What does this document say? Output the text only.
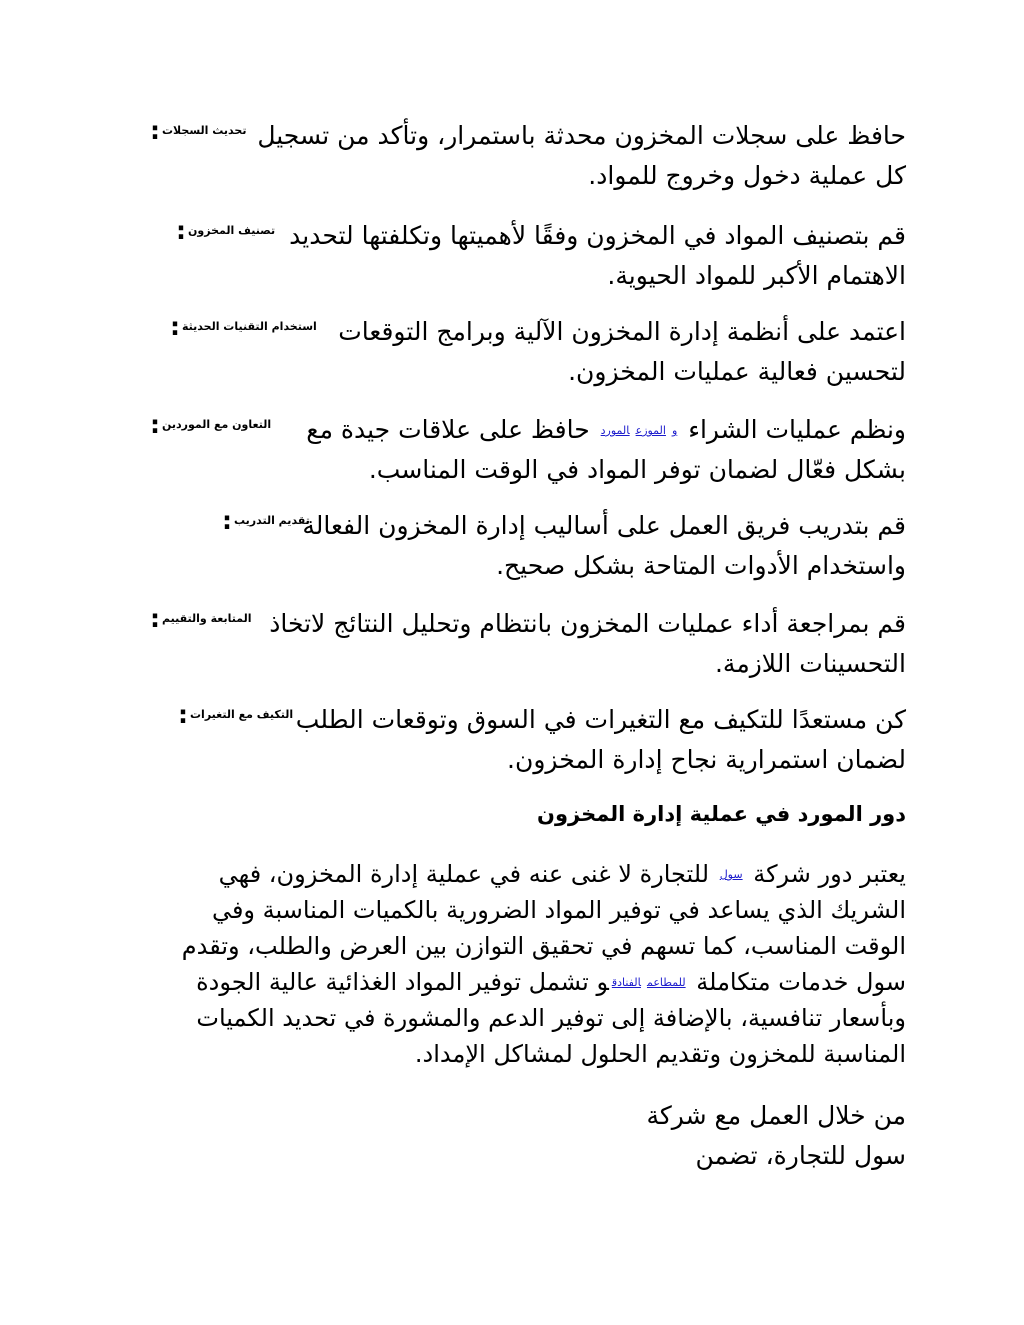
حافظ على سجلات المخزون محدثة باستمرار، وتأكد من تسجيل
كل عملية دخول وخروج للمواد.
تحديث السجلات:
قم بتصنيف المواد في المخزون وفقًا لأهميتها وتكلفتها لتحديد
الاهتمام الأكبر للمواد الحيوية.
تصنيف المخزون:
اعتمد على أنظمة إدارة المخزون الآلية وبرامج التوقعات
لتحسين فعالية عمليات المخزون.
استخدام التقنيات الحديثة:
ونظم عمليات الشراء والموزعالمورد حافظ على علاقات جيدة مع
بشكل فعّال لضمان توفر المواد في الوقت المناسب.
التعاون مع الموردين:
قم بتدريب فريق العمل على أساليب إدارة المخزون الفعالة
واستخدام الأدوات المتاحة بشكل صحيح.
تقديم التدريب:
قم بمراجعة أداء عمليات المخزون بانتظام وتحليل النتائج لاتخاذ
التحسينات اللازمة.
المتابعة والتقييم:
كن مستعدًا للتكيف مع التغيرات في السوق وتوقعات الطلب
لضمان استمرارية نجاح إدارة المخزون.
التكيف مع التغيرات:
دور المورد في عملية إدارة المخزون
يعتبر دور شركة سول للتجارة لا غنى عنه في عملية إدارة المخزون، فهي
الشريك الذي يساعد في توفير المواد الضرورية بالكميات المناسبة وفي
الوقت المناسب، كما تسهم في تحقيق التوازن بين العرض والطلب، وتقدم
سول خدمات متكاملة للمطاعمالفنادقو تشمل توفير المواد الغذائية عالية الجودة
وبأسعار تنافسية، بالإضافة إلى توفير الدعم والمشورة في تحديد الكميات
المناسبة للمخزون وتقديم الحلول لمشاكل الإمداد.
من خلال العمل مع شركة
سول للتجارة، تضمن
